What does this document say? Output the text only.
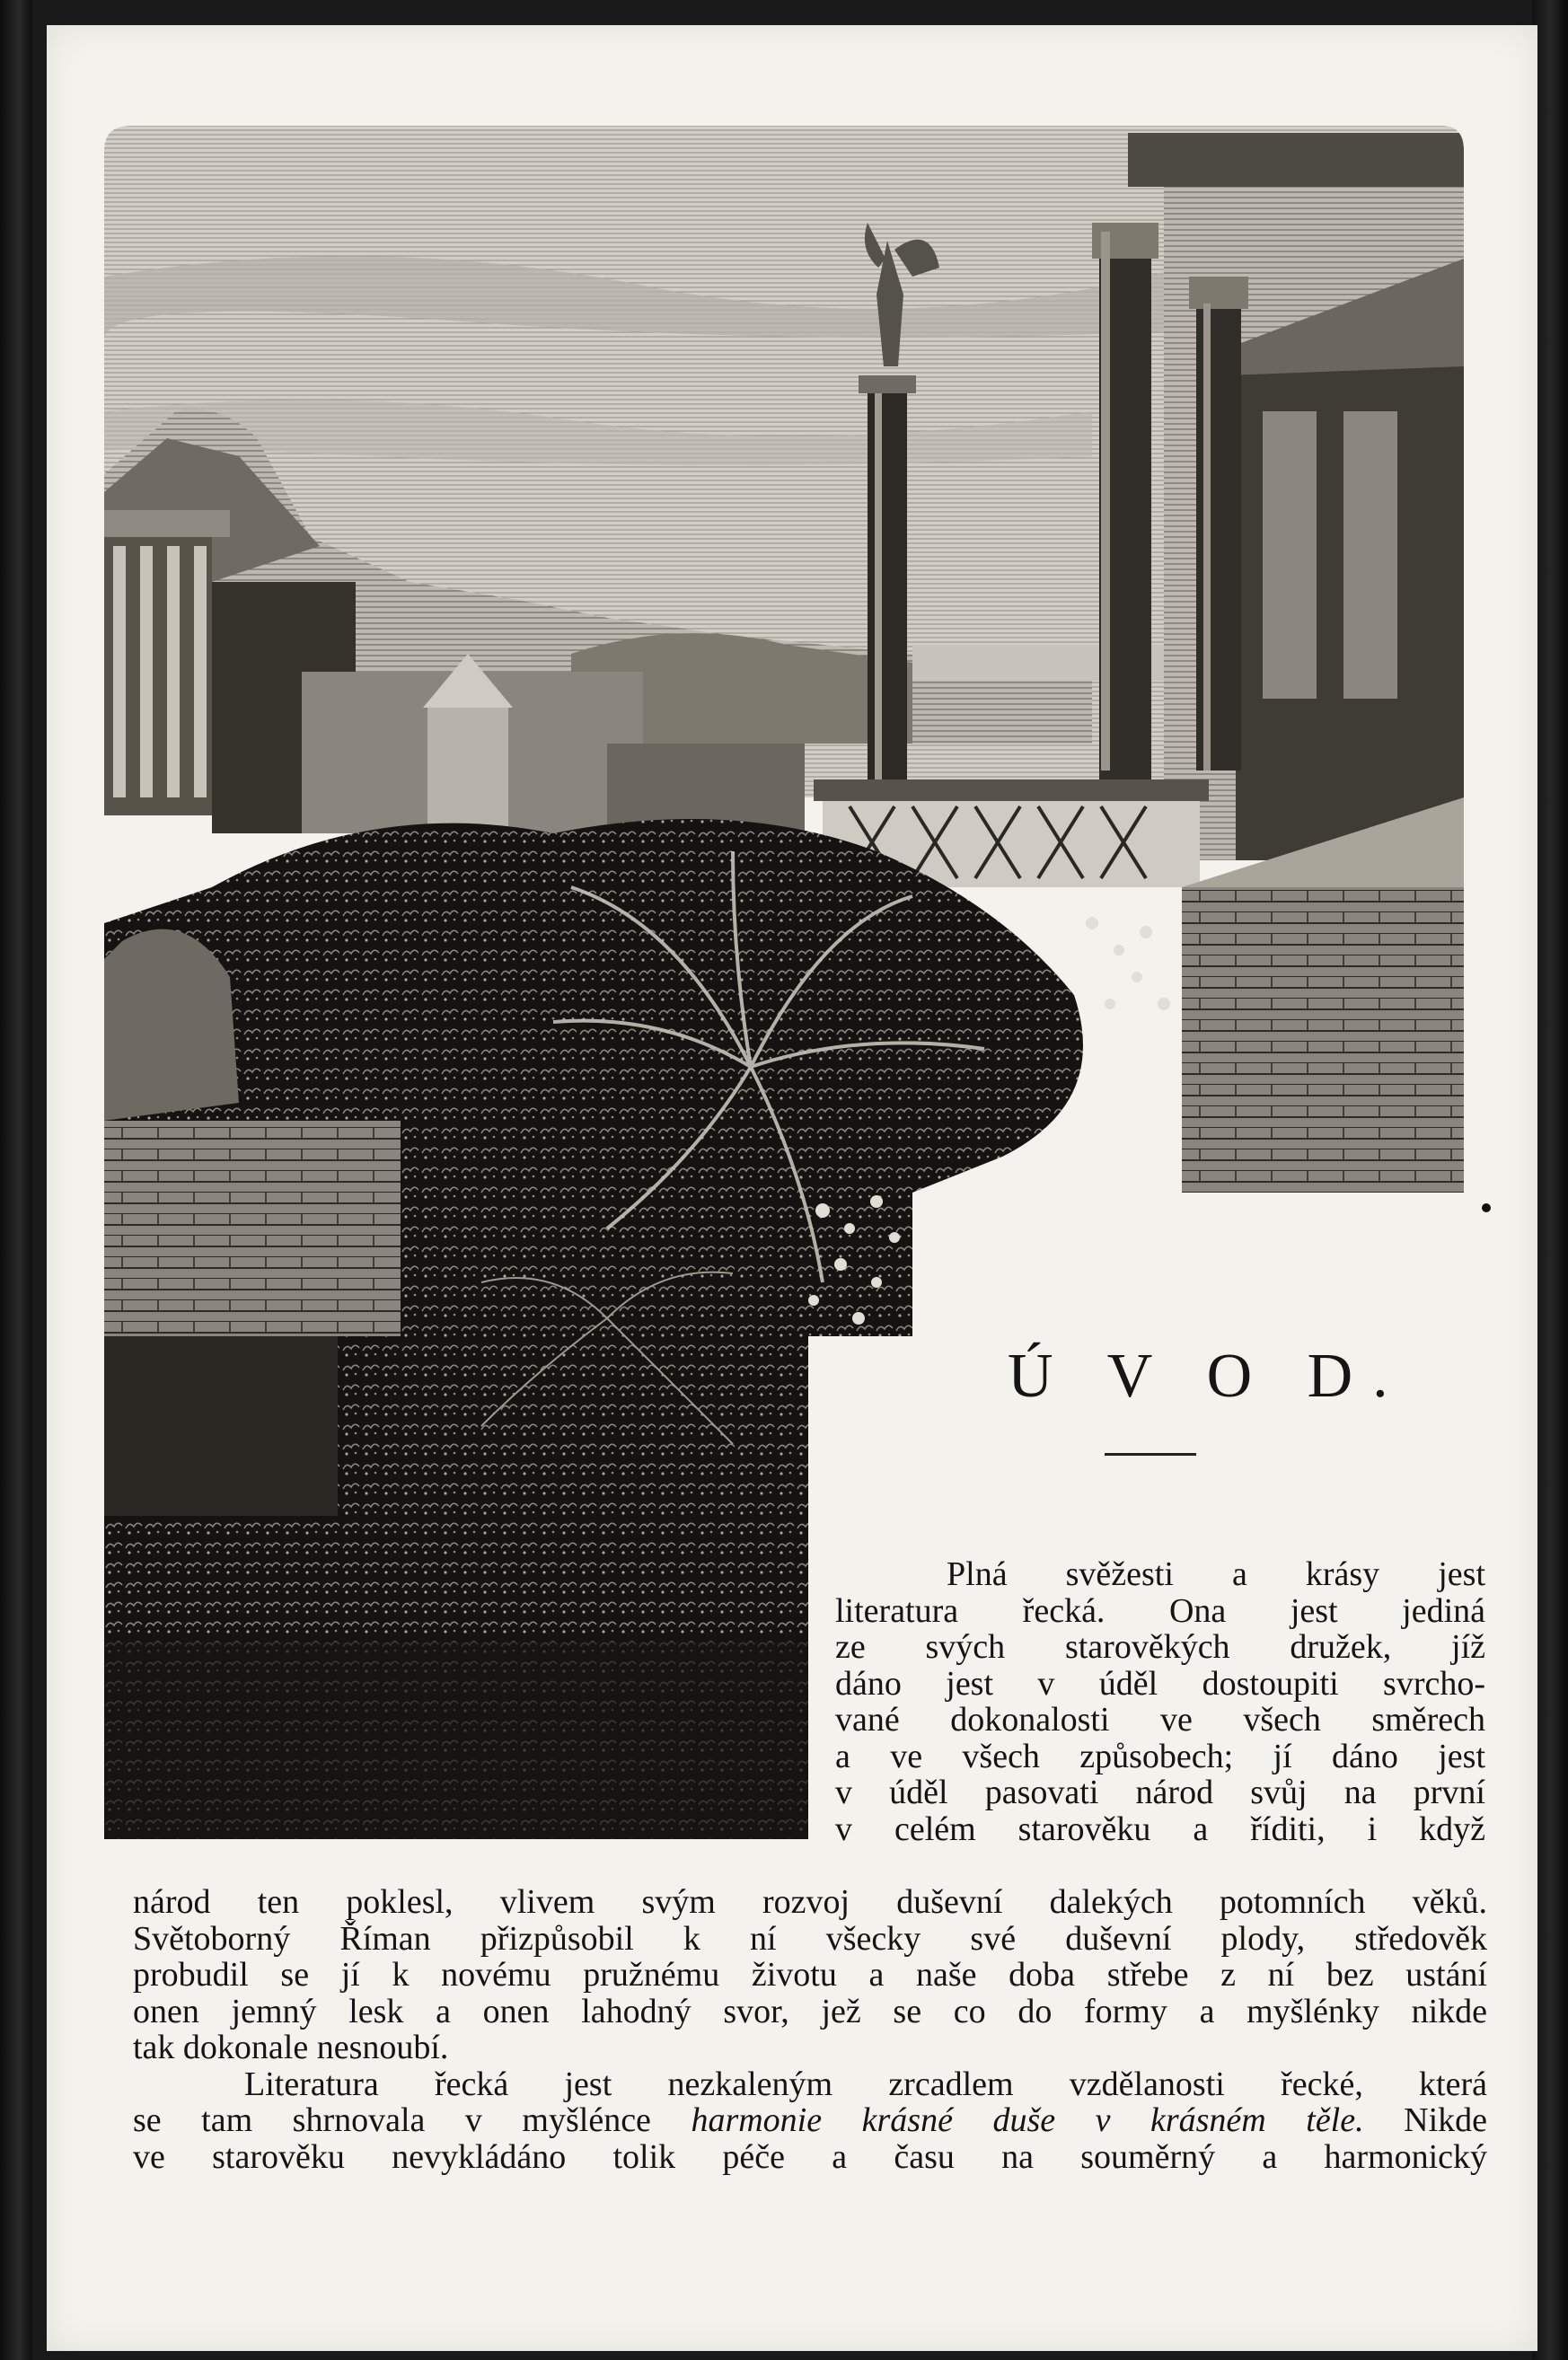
Ú V O D.

Plná svěžesti a krásy jest

literatura řecká. Ona jest jediná

ze svých starověkých družek, jíž

dáno jest v úděl dostoupiti svrcho-

vané dokonalosti ve všech směrech

a ve všech způsobech; jí dáno jest

v úděl pasovati národ svůj na první

v celém starověku a říditi, i když

národ ten poklesl, vlivem svým rozvoj duševní dalekých potomních věků.

Světoborný Říman přizpůsobil k ní všecky své duševní plody, středověk

probudil se jí k novému pružnému životu a naše doba střebe z ní bez ustání

onen jemný lesk a onen lahodný svor, jež se co do formy a myšlénky nikde

tak dokonale nesnoubí.

Literatura řecká jest nezkaleným zrcadlem vzdělanosti řecké, která

se tam shrnovala v myšlénce harmonie krásné duše v krásném těle. Nikde

ve starověku nevykládáno tolik péče a času na souměrný a harmonický
